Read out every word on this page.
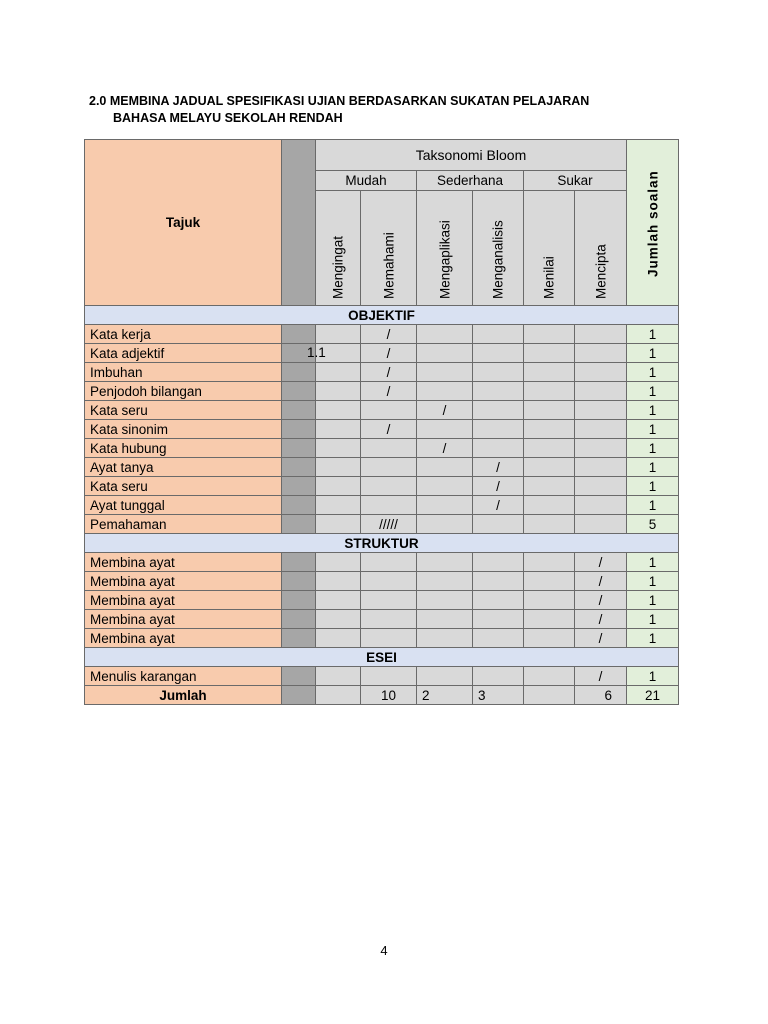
2.0 MEMBINA JADUAL SPESIFIKASI UJIAN BERDASARKAN SUKATAN PELAJARAN
BAHASA MELAYU SEKOLAH RENDAH
Tajuk		Taksonomi Bloom						Jumlah soalan

		Mudah		Sederhana		Sukar		

		Mengingat	Memahami	Mengaplikasi	Menganalisis	Menilai	Mencipta	

OBJEKTIF								
Kata kerja			/					1
Kata adjektif	1.1		/					1
Imbuhan			/					1
Penjodoh bilangan			/					1
Kata seru				/				1
Kata sinonim			/					1
Kata hubung				/				1
Ayat tanya					/			1
Kata seru					/			1
Ayat tunggal					/			1
Pemahaman			/////					5
STRUKTUR								
Membina ayat							/	1
Membina ayat							/	1
Membina ayat							/	1
Membina ayat							/	1
Membina ayat							/	1
ESEI								
Menulis karangan							/	1
Jumlah			10	2	3		6	21
4
